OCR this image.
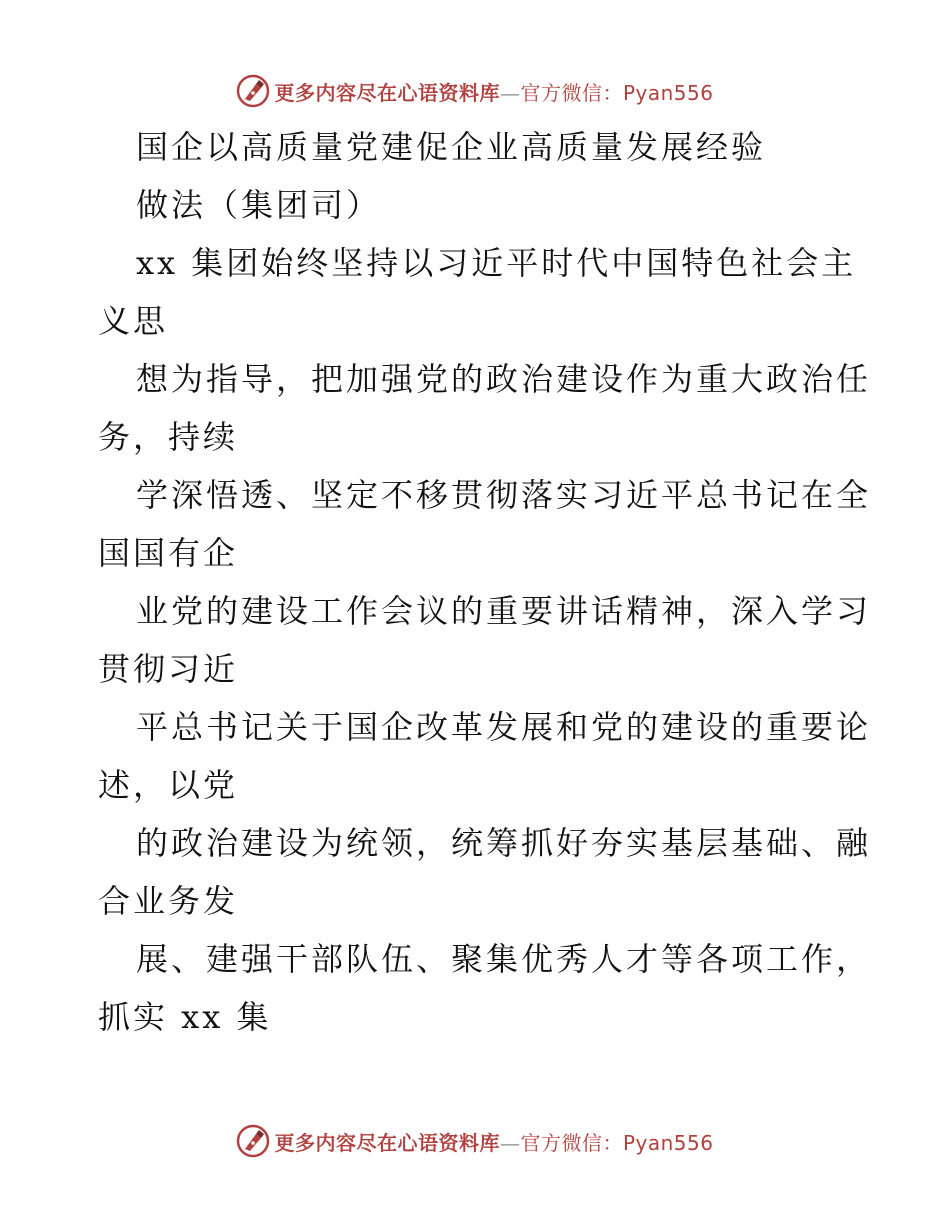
更多内容尽在心语资料库—官方微信：Pyan556
国企以高质量党建促企业高质量发展经验
做法（集团司）
xx 集团始终坚持以习近平时代中国特色社会主
义思
想为指导，把加强党的政治建设作为重大政治任
务，持续
学深悟透、坚定不移贯彻落实习近平总书记在全
国国有企
业党的建设工作会议的重要讲话精神，深入学习
贯彻习近
平总书记关于国企改革发展和党的建设的重要论
述，以党
的政治建设为统领，统筹抓好夯实基层基础、融
合业务发
展、建强干部队伍、聚集优秀人才等各项工作，
抓实 xx 集
更多内容尽在心语资料库—官方微信：Pyan556
